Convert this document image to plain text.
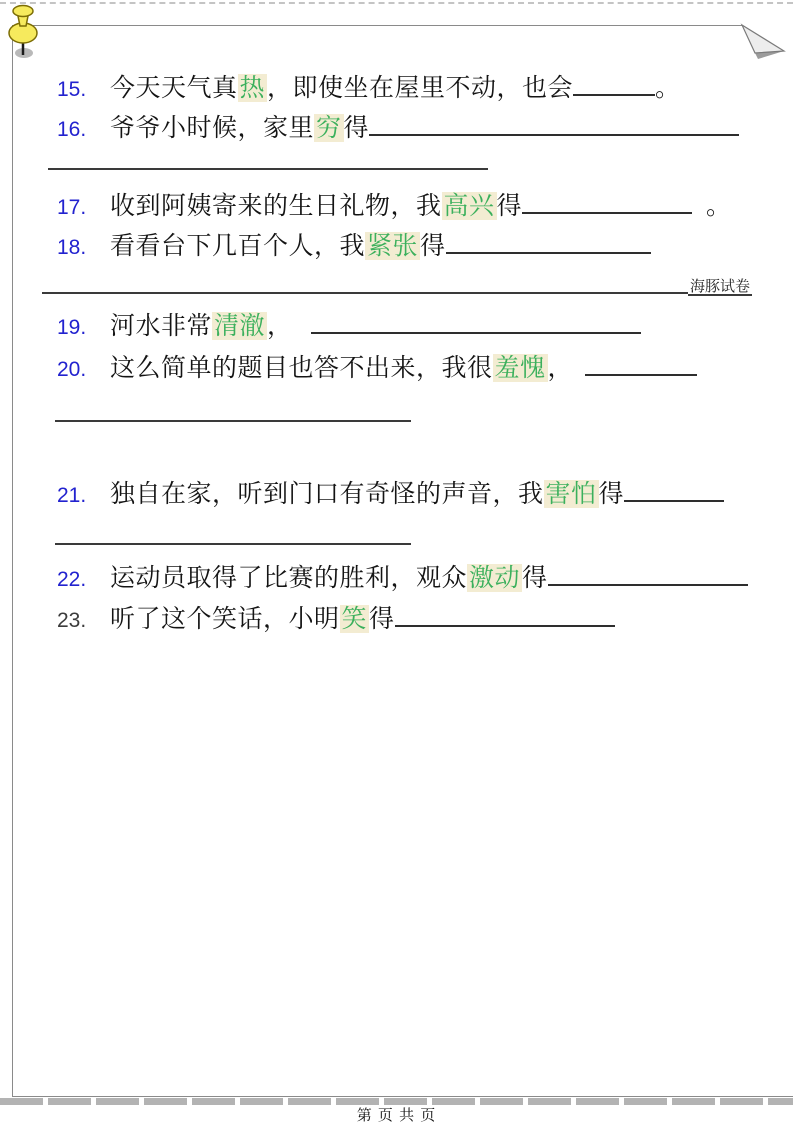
15. 今天天气真热，即使坐在屋里不动，也会	。
16. 爷爷小时候，家里穷得
17. 收到阿姨寄来的生日礼物，我高兴得	。
18. 看看台下几百个人，我紧张得
19. 河水非常清澈，
20. 这么简单的题目也答不出来，我很羞愧，
21. 独自在家，听到门口有奇怪的声音，我害怕得
22. 运动员取得了比赛的胜利，观众激动得
23. 听了这个笑话，小明笑得
海豚试卷
第 页 共 页
